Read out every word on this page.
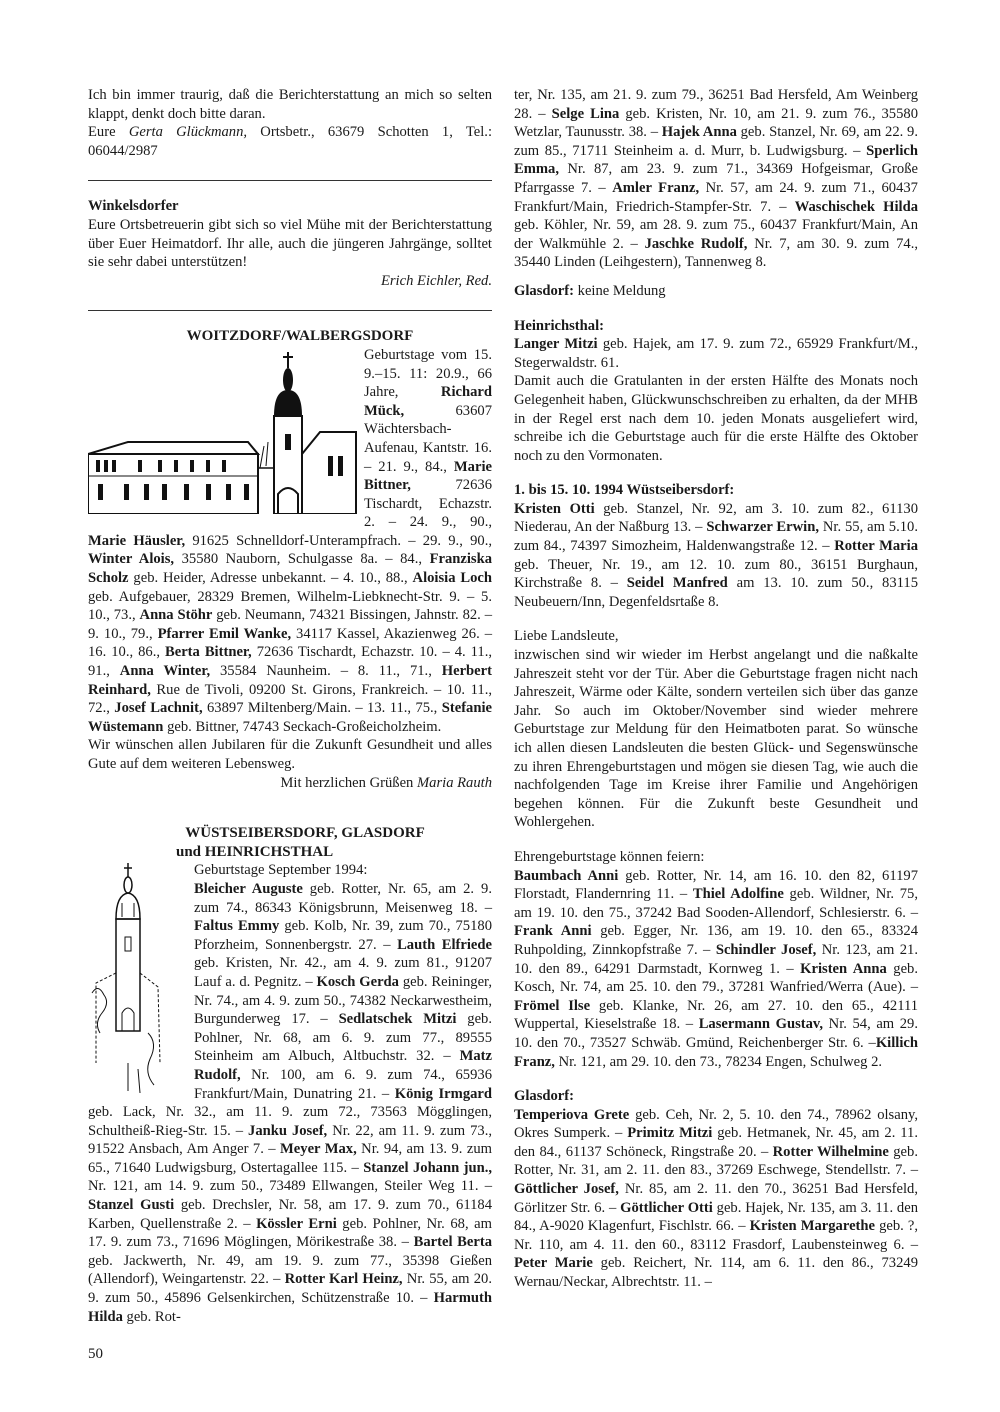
Ich bin immer traurig, daß die Berichterstattung an mich so selten klappt, denkt doch bitte daran.

Eure Gerta Glückmann, Ortsbetr., 63679 Schotten 1, Tel.: 06044/2987

Winkelsdorfer

Eure Ortsbetreuerin gibt sich so viel Mühe mit der Berichterstattung über Euer Heimatdorf. Ihr alle, auch die jüngeren Jahrgänge, solltet sie sehr dabei unterstützen!

Erich Eichler, Red.

WOITZDORF/WALBERGSDORF

Geburtstage vom 15. 9.–15. 11: 20.9., 66 Jahre, Richard Mück, 63607 Wächtersbach-Aufenau, Kantstr. 16. – 21. 9., 84., Marie Bittner, 72636 Tischardt, Echazstr. 2. – 24. 9., 90., Marie Häusler, 91625 Schnelldorf-Unterampfrach. – 29. 9., 90., Winter Alois, 35580 Nauborn, Schulgasse 8a. – 84., Franziska Scholz geb. Heider, Adresse unbekannt. – 4. 10., 88., Aloisia Loch geb. Aufgebauer, 28329 Bremen, Wilhelm-Liebknecht-Str. 9. – 5. 10., 73., Anna Stöhr geb. Neumann, 74321 Bissingen, Jahnstr. 82. – 9. 10., 79., Pfarrer Emil Wanke, 34117 Kassel, Akazienweg 26. – 16. 10., 86., Berta Bittner, 72636 Tischardt, Echazstr. 10. – 4. 11., 91., Anna Winter, 35584 Naunheim. – 8. 11., 71., Herbert Reinhard, Rue de Tivoli, 09200 St. Girons, Frankreich. – 10. 11., 72., Josef Lachnit, 63897 Miltenberg/Main. – 13. 11., 75., Stefanie Wüstemann geb. Bittner, 74743 Seckach-Großeicholzheim.

Wir wünschen allen Jubilaren für die Zukunft Gesundheit und alles Gute auf dem weiteren Lebensweg.

Mit herzlichen Grüßen Maria Rauth

WÜSTSEIBERSDORF, GLASDORF

und HEINRICHSTHAL

Geburtstage September 1994:

Bleicher Auguste geb. Rotter, Nr. 65, am 2. 9. zum 74., 86343 Königsbrunn, Meisenweg 18. – Faltus Emmy geb. Kolb, Nr. 39, zum 70., 75180 Pforzheim, Sonnenbergstr. 27. – Lauth Elfriede geb. Kristen, Nr. 42., am 4. 9. zum 81., 91207 Lauf a. d. Pegnitz. – Kosch Gerda geb. Reininger, Nr. 74., am 4. 9. zum 50., 74382 Neckarwestheim, Burgunderweg 17. – Sedlatschek Mitzi geb. Pohlner, Nr. 68, am 6. 9. zum 77., 89555 Steinheim am Albuch, Altbuchstr. 32. – Matz Rudolf, Nr. 100, am 6. 9. zum 74., 65936 Frankfurt/Main, Dunatring 21. – König Irmgard geb. Lack, Nr. 32., am 11. 9. zum 72., 73563 Mögglingen, Schultheiß-Rieg-Str. 15. – Janku Josef, Nr. 22, am 11. 9. zum 73., 91522 Ansbach, Am Anger 7. – Meyer Max, Nr. 94, am 13. 9. zum 65., 71640 Ludwigsburg, Ostertagallee 115. – Stanzel Johann jun., Nr. 121, am 14. 9. zum 50., 73489 Ellwangen, Steiler Weg 11. – Stanzel Gusti geb. Drechsler, Nr. 58, am 17. 9. zum 70., 61184 Karben, Quellenstraße 2. – Kössler Erni geb. Pohlner, Nr. 68, am 17. 9. zum 73., 71696 Möglingen, Mörikestraße 38. – Bartel Berta geb. Jackwerth, Nr. 49, am 19. 9. zum 77., 35398 Gießen (Allendorf), Weingartenstr. 22. – Rotter Karl Heinz, Nr. 55, am 20. 9. zum 50., 45896 Gelsenkirchen, Schützenstraße 10. – Harmuth Hilda geb. Rot-

ter, Nr. 135, am 21. 9. zum 79., 36251 Bad Hersfeld, Am Weinberg 28. – Selge Lina geb. Kristen, Nr. 10, am 21. 9. zum 76., 35580 Wetzlar, Taunusstr. 38. – Hajek Anna geb. Stanzel, Nr. 69, am 22. 9. zum 85., 71711 Steinheim a. d. Murr, b. Ludwigsburg. – Sperlich Emma, Nr. 87, am 23. 9. zum 71., 34369 Hofgeismar, Große Pfarrgasse 7. – Amler Franz, Nr. 57, am 24. 9. zum 71., 60437 Frankfurt/Main, Friedrich-Stampfer-Str. 7. – Waschischek Hilda geb. Köhler, Nr. 59, am 28. 9. zum 75., 60437 Frankfurt/Main, An der Walkmühle 2. – Jaschke Rudolf, Nr. 7, am 30. 9. zum 74., 35440 Linden (Leihgestern), Tannenweg 8.

Glasdorf: keine Meldung

Heinrichsthal:

Langer Mitzi geb. Hajek, am 17. 9. zum 72., 65929 Frankfurt/M., Stegerwaldstr. 61.

Damit auch die Gratulanten in der ersten Hälfte des Monats noch Gelegenheit haben, Glückwunschschreiben zu erhalten, da der MHB in der Regel erst nach dem 10. jeden Monats ausgeliefert wird, schreibe ich die Geburtstage auch für die erste Hälfte des Oktober noch zu den Vormonaten.

1. bis 15. 10. 1994 Wüstseibersdorf:

Kristen Otti geb. Stanzel, Nr. 92, am 3. 10. zum 82., 61130 Niederau, An der Naßburg 13. – Schwarzer Erwin, Nr. 55, am 5.10. zum 84., 74397 Simozheim, Haldenwangstraße 12. – Rotter Maria geb. Theuer, Nr. 19., am 12. 10. zum 80., 36151 Burghaun, Kirchstraße 8. – Seidel Manfred am 13. 10. zum 50., 83115 Neubeuern/Inn, Degenfeldsrtaße 8.

Liebe Landsleute,

inzwischen sind wir wieder im Herbst angelangt und die naßkalte Jahreszeit steht vor der Tür. Aber die Geburtstage fragen nicht nach Jahreszeit, Wärme oder Kälte, sondern verteilen sich über das ganze Jahr. So auch im Oktober/November sind wieder mehrere Geburtstage zur Meldung für den Heimatboten parat. So wünsche ich allen diesen Landsleuten die besten Glück- und Segenswünsche zu ihren Ehrengeburtstagen und mögen sie diesen Tag, wie auch die nachfolgenden Tage im Kreise ihrer Familie und Angehörigen begehen können. Für die Zukunft beste Gesundheit und Wohlergehen.

Ehrengeburtstage können feiern:

Baumbach Anni geb. Rotter, Nr. 14, am 16. 10. den 82, 61197 Florstadt, Flandernring 11. – Thiel Adolfine geb. Wildner, Nr. 75, am 19. 10. den 75., 37242 Bad Sooden-Allendorf, Schlesierstr. 6. – Frank Anni geb. Egger, Nr. 136, am 19. 10. den 65., 83324 Ruhpolding, Zinnkopfstraße 7. – Schindler Josef, Nr. 123, am 21. 10. den 89., 64291 Darmstadt, Kornweg 1. – Kristen Anna geb. Kosch, Nr. 74, am 25. 10. den 79., 37281 Wanfried/Werra (Aue). – Frömel Ilse geb. Klanke, Nr. 26, am 27. 10. den 65., 42111 Wuppertal, Kieselstraße 18. – Lasermann Gustav, Nr. 54, am 29. 10. den 70., 73527 Schwäb. Gmünd, Reichenberger Str. 6. –Killich Franz, Nr. 121, am 29. 10. den 73., 78234 Engen, Schulweg 2.

Glasdorf:

Temperiova Grete geb. Ceh, Nr. 2, 5. 10. den 74., 78962 olsany, Okres Sumperk. – Primitz Mitzi geb. Hetmanek, Nr. 45, am 2. 11. den 84., 61137 Schöneck, Ringstraße 20. – Rotter Wilhelmine geb. Rotter, Nr. 31, am 2. 11. den 83., 37269 Eschwege, Stendellstr. 7. – Göttlicher Josef, Nr. 85, am 2. 11. den 70., 36251 Bad Hersfeld, Görlitzer Str. 6. – Göttlicher Otti geb. Hajek, Nr. 135, am 3. 11. den 84., A-9020 Klagenfurt, Fischlstr. 66. – Kristen Margarethe geb. ?, Nr. 110, am 4. 11. den 60., 83112 Frasdorf, Laubensteinweg 6. – Peter Marie geb. Reichert, Nr. 114, am 6. 11. den 86., 73249 Wernau/Neckar, Albrechtstr. 11. –

50
